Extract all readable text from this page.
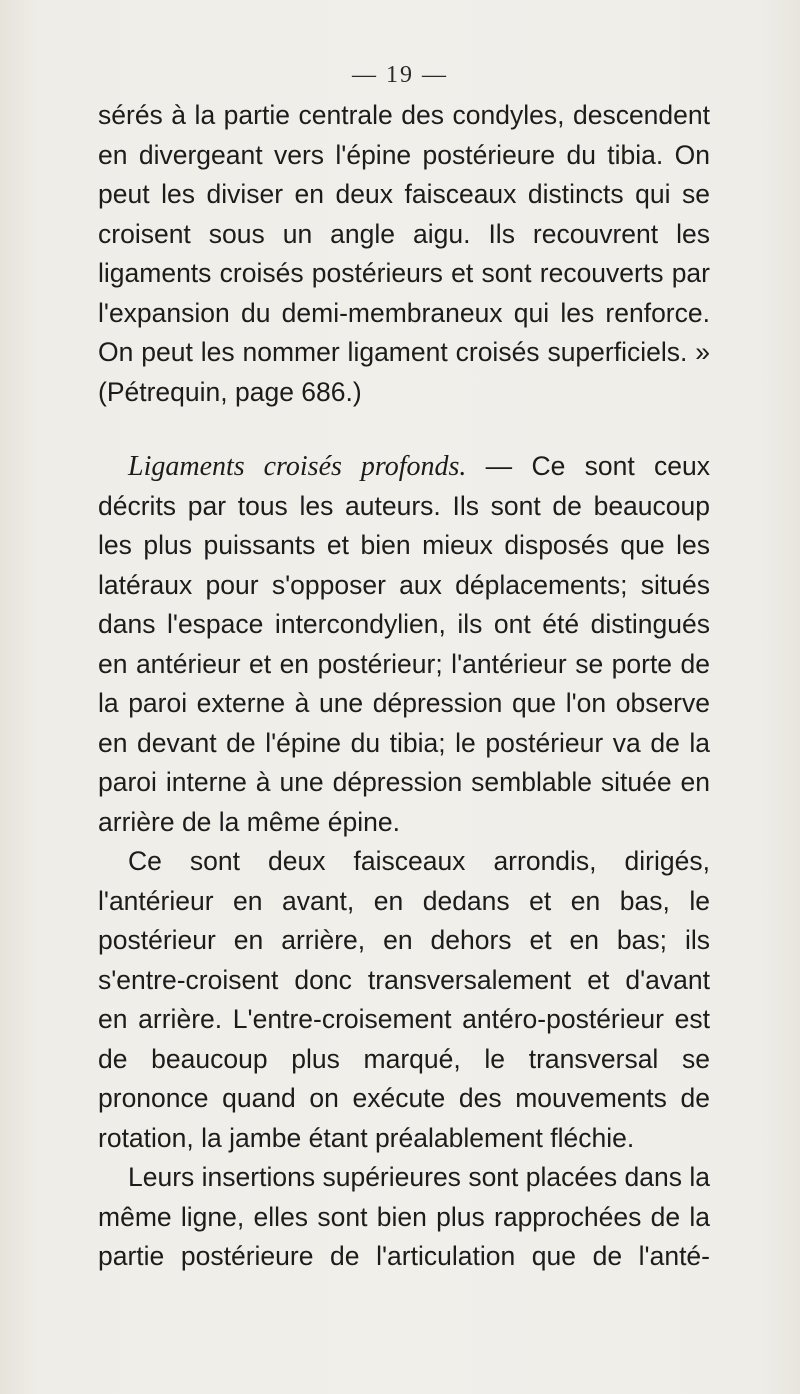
— 19 —

sérés à la partie centrale des condyles, descendent en divergeant vers l'épine postérieure du tibia. On peut les diviser en deux faisceaux distincts qui se croisent sous un angle aigu. Ils recouvrent les ligaments croisés postérieurs et sont recouverts par l'expansion du demi-membraneux qui les renforce. On peut les nommer ligament croisés superficiels. » (Pétrequin, page 686.)

Ligaments croisés profonds. — Ce sont ceux décrits par tous les auteurs. Ils sont de beaucoup les plus puissants et bien mieux disposés que les latéraux pour s'opposer aux déplacements; situés dans l'espace intercondylien, ils ont été distingués en antérieur et en postérieur; l'antérieur se porte de la paroi externe à une dépression que l'on observe en devant de l'épine du tibia; le postérieur va de la paroi interne à une dépression semblable située en arrière de la même épine.

Ce sont deux faisceaux arrondis, dirigés, l'antérieur en avant, en dedans et en bas, le postérieur en arrière, en dehors et en bas; ils s'entre-croisent donc transversalement et d'avant en arrière. L'entre-croisement antéro-postérieur est de beaucoup plus marqué, le transversal se prononce quand on exécute des mouvements de rotation, la jambe étant préalablement fléchie.

Leurs insertions supérieures sont placées dans la même ligne, elles sont bien plus rapprochées de la partie postérieure de l'articulation que de l'anté-
